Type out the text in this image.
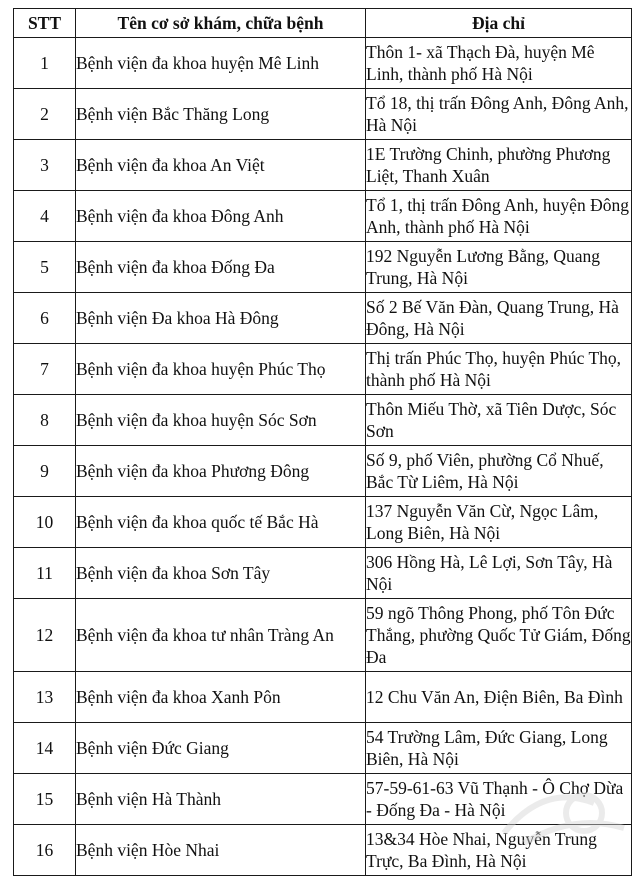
STT	Tên cơ sở khám, chữa bệnh	Địa chỉ
1	Bệnh viện đa khoa huyện Mê Linh	Thôn 1- xã Thạch Đà, huyện Mê Linh, thành phố Hà Nội
2	Bệnh viện Bắc Thăng Long	Tổ 18, thị trấn Đông Anh, Đông Anh, Hà Nội
3	Bệnh viện đa khoa An Việt	1E Trường Chinh, phường Phương Liệt, Thanh Xuân
4	Bệnh viện đa khoa Đông Anh	Tổ 1, thị trấn Đông Anh, huyện Đông Anh, thành phố Hà Nội
5	Bệnh viện đa khoa Đống Đa	192 Nguyễn Lương Bằng, Quang Trung, Hà Nội
6	Bệnh viện Đa khoa Hà Đông	Số 2 Bế Văn Đàn, Quang Trung, Hà Đông, Hà Nội
7	Bệnh viện đa khoa huyện Phúc Thọ	Thị trấn Phúc Thọ, huyện Phúc Thọ, thành phố Hà Nội
8	Bệnh viện đa khoa huyện Sóc Sơn	Thôn Miếu Thờ, xã Tiên Dược, Sóc Sơn
9	Bệnh viện đa khoa Phương Đông	Số 9, phố Viên, phường Cổ Nhuế, Bắc Từ Liêm, Hà Nội
10	Bệnh viện đa khoa quốc tế Bắc Hà	137 Nguyễn Văn Cừ, Ngọc Lâm, Long Biên, Hà Nội
11	Bệnh viện đa khoa Sơn Tây	306 Hồng Hà, Lê Lợi, Sơn Tây, Hà Nội
12	Bệnh viện đa khoa tư nhân Tràng An	59 ngõ Thông Phong, phố Tôn Đức Thắng, phường Quốc Tử Giám, Đống Đa
13	Bệnh viện đa khoa Xanh Pôn	12 Chu Văn An, Điện Biên, Ba Đình
14	Bệnh viện Đức Giang	54 Trường Lâm, Đức Giang, Long Biên, Hà Nội
15	Bệnh viện Hà Thành	57-59-61-63 Vũ Thạnh - Ô Chợ Dừa - Đống Đa - Hà Nội
16	Bệnh viện Hòe Nhai	13&34 Hòe Nhai, Nguyễn Trung Trực, Ba Đình, Hà Nội
